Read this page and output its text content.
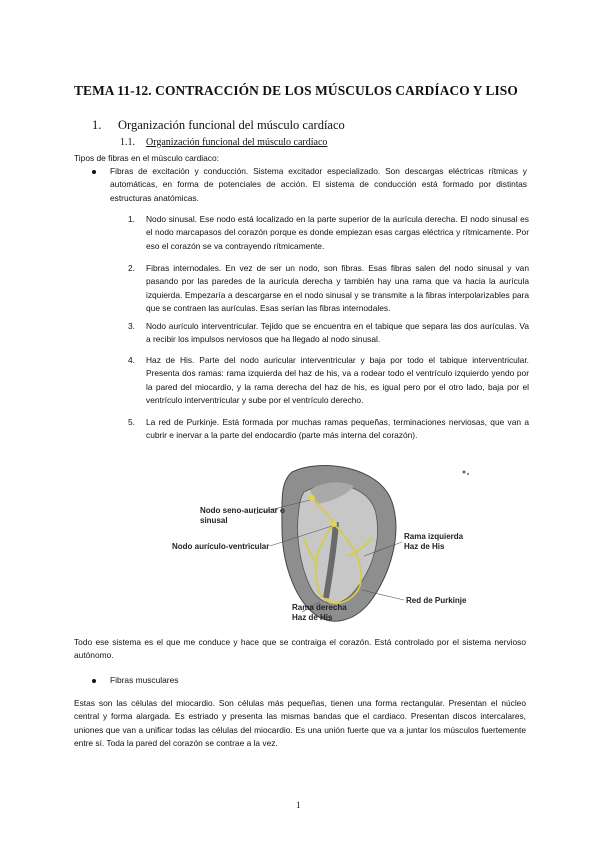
TEMA 11-12. CONTRACCIÓN DE LOS MÚSCULOS CARDÍACO Y LISO
1. Organización funcional del músculo cardíaco
1.1. Organización funcional del músculo cardíaco
Tipos de fibras en el músculo cardiaco:
Fibras de excitación y conducción. Sistema excitador especializado. Son descargas eléctricas rítmicas y automáticas, en forma de potenciales de acción. El sistema de conducción está formado por distintas estructuras anatómicas.
1. Nodo sinusal. Ese nodo está localizado en la parte superior de la aurícula derecha. El nodo sinusal es el nodo marcapasos del corazón porque es donde empiezan esas cargas eléctrica y rítmicamente. Por eso el corazón se va contrayendo rítmicamente.
2. Fibras internodales. En vez de ser un nodo, son fibras. Esas fibras salen del nodo sinusal y van pasando por las paredes de la aurícula derecha y también hay una rama que va hacia la aurícula izquierda. Empezaría a descargarse en el nodo sinusal y se transmite a la fibras interpolarizables para que se contraen las aurículas. Esas serían las fibras internodales.
3. Nodo aurículo interventricular. Tejido que se encuentra en el tabique que separa las dos aurículas. Va a recibir los impulsos nerviosos que ha llegado al nodo sinusal.
4. Haz de His. Parte del nodo auricular interventricular y baja por todo el tabique interventricular. Presenta dos ramas: rama izquierda del haz de his, va a rodear todo el ventrículo izquierdo yendo por la pared del miocardio, y la rama derecha del haz de his, es igual pero por el otro lado, baja por el ventrículo interventricular y sube por el ventrículo derecho.
5. La red de Purkinje. Está formada por muchas ramas pequeñas, terminaciones nerviosas, que van a cubrir e inervar a la parte del endocardio (parte más interna del corazón).
Nodo seno-auricular o sinusal
Nodo aurículo-ventricular
Rama izquierda Haz de His
Red de Purkinje
Rama derecha Haz de His
Todo ese sistema es el que me conduce y hace que se contraiga el corazón. Está controlado por el sistema nervioso autónomo.
Fibras musculares
Estas son las células del miocardio. Son células más pequeñas, tienen una forma rectangular. Presentan el núcleo central y forma alargada. Es estriado y presenta las mismas bandas que el cardiaco. Presentan discos intercalares, uniones que van a unificar todas las células del miocardio. Es una unión fuerte que va a juntar los músculos fuertemente entre sí. Toda la pared del corazón se contrae a la vez.
1
